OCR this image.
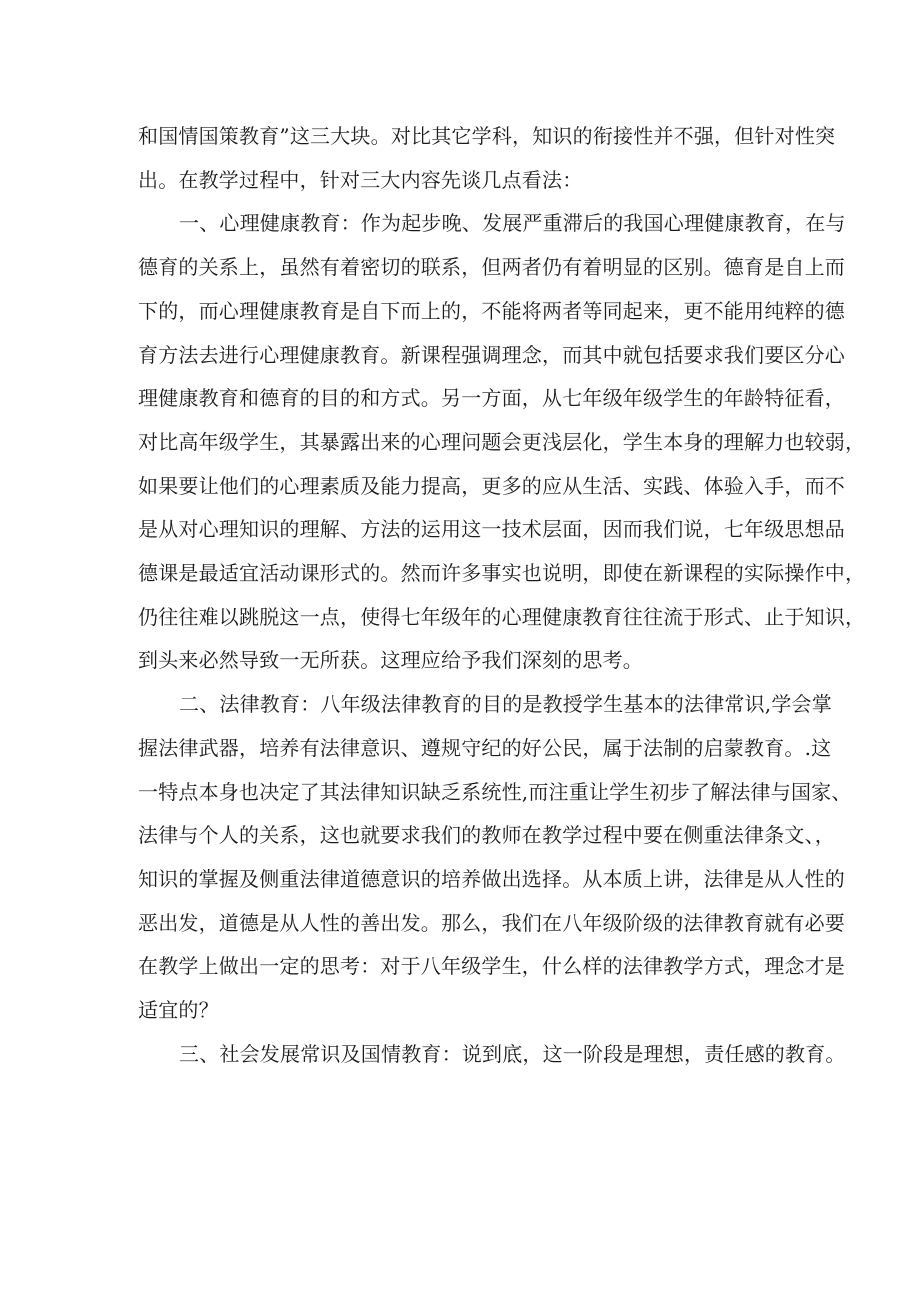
和国情国策教育”这三大块。对比其它学科，知识的衔接性并不强，但针对性突
出。在教学过程中，针对三大内容先谈几点看法：

一、心理健康教育：作为起步晚、发展严重滞后的我国心理健康教育，在与
德育的关系上，虽然有着密切的联系，但两者仍有着明显的区别。德育是自上而
下的，而心理健康教育是自下而上的，不能将两者等同起来，更不能用纯粹的德
育方法去进行心理健康教育。新课程强调理念，而其中就包括要求我们要区分心
理健康教育和德育的目的和方式。另一方面，从七年级年级学生的年龄特征看，
对比高年级学生，其暴露出来的心理问题会更浅层化，学生本身的理解力也较弱，
如果要让他们的心理素质及能力提高，更多的应从生活、实践、体验入手，而不
是从对心理知识的理解、方法的运用这一技术层面，因而我们说，七年级思想品
德课是最适宜活动课形式的。然而许多事实也说明，即使在新课程的实际操作中，
仍往往难以跳脱这一点，使得七年级年的心理健康教育往往流于形式、止于知识，
到头来必然导致一无所获。这理应给予我们深刻的思考。

二、法律教育：八年级法律教育的目的是教授学生基本的法律常识,学会掌
握法律武器，培养有法律意识、遵规守纪的好公民，属于法制的启蒙教育。.这
一特点本身也决定了其法律知识缺乏系统性,而注重让学生初步了解法律与国家、
法律与个人的关系，这也就要求我们的教师在教学过程中要在侧重法律条文、，
知识的掌握及侧重法律道德意识的培养做出选择。从本质上讲，法律是从人性的
恶出发，道德是从人性的善出发。那么，我们在八年级阶级的法律教育就有必要
在教学上做出一定的思考：对于八年级学生，什么样的法律教学方式，理念才是
适宜的？

三、社会发展常识及国情教育：说到底，这一阶段是理想，责任感的教育。
